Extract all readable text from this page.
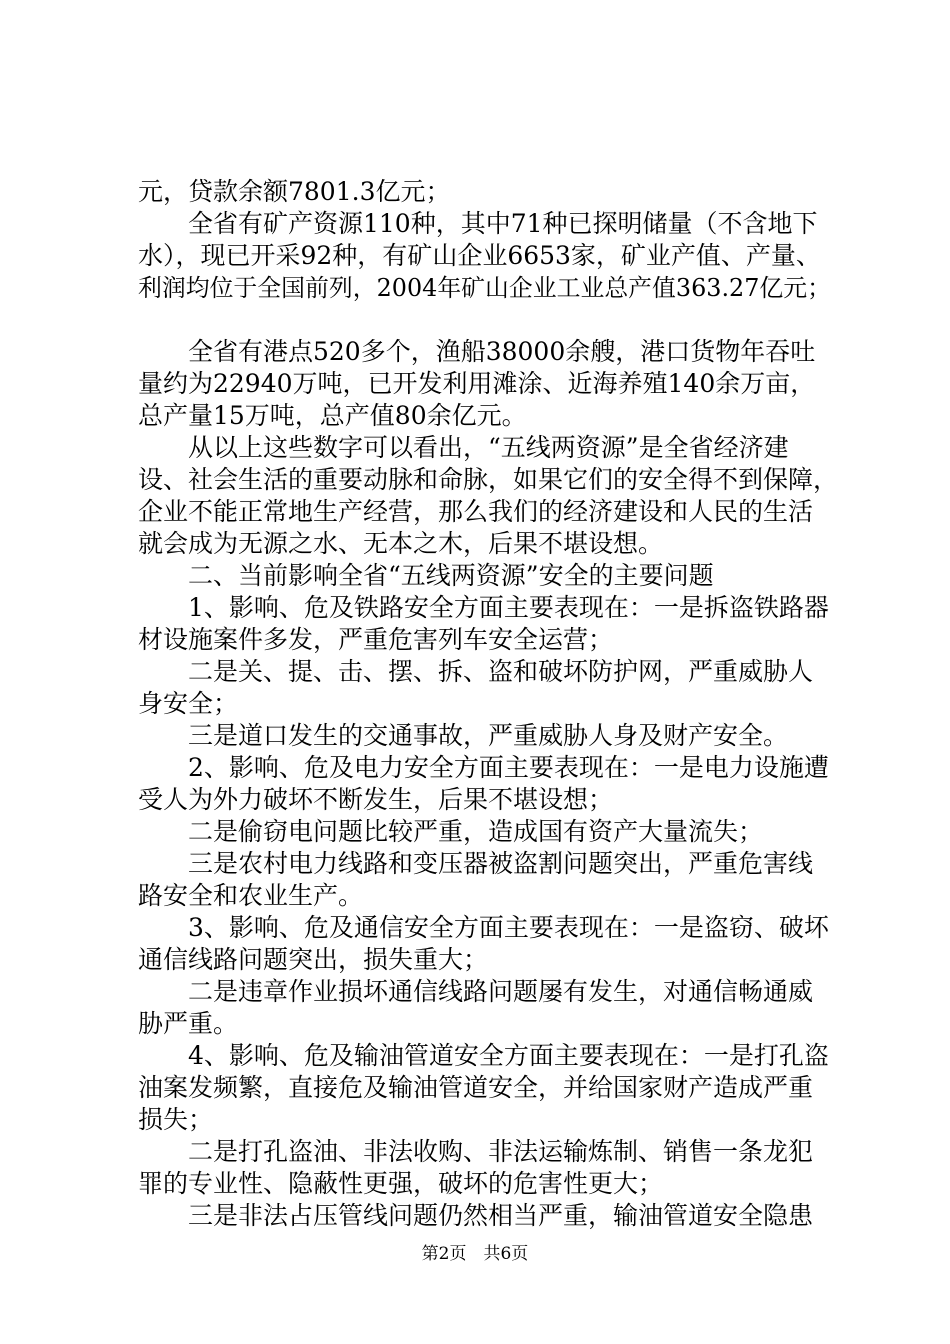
元，贷款余额7801.3亿元；
　　全省有矿产资源110种，其中71种已探明储量（不含地下
水），现已开采92种，有矿山企业6653家，矿业产值、产量、
利润均位于全国前列，2004年矿山企业工业总产值363.27亿元；
　　全省有港点520多个，渔船38000余艘，港口货物年吞吐
量约为22940万吨，已开发利用滩涂、近海养殖140余万亩，
总产量15万吨，总产值80余亿元。
　　从以上这些数字可以看出，“五线两资源”是全省经济建
设、社会生活的重要动脉和命脉，如果它们的安全得不到保障，
企业不能正常地生产经营，那么我们的经济建设和人民的生活
就会成为无源之水、无本之木，后果不堪设想。
　　二、当前影响全省“五线两资源”安全的主要问题
　　1、影响、危及铁路安全方面主要表现在：一是拆盗铁路器
材设施案件多发，严重危害列车安全运营；
　　二是关、提、击、摆、拆、盗和破坏防护网，严重威胁人
身安全；
　　三是道口发生的交通事故，严重威胁人身及财产安全。
　　2、影响、危及电力安全方面主要表现在：一是电力设施遭
受人为外力破坏不断发生，后果不堪设想；
　　二是偷窃电问题比较严重，造成国有资产大量流失；
　　三是农村电力线路和变压器被盗割问题突出，严重危害线
路安全和农业生产。
　　3、影响、危及通信安全方面主要表现在：一是盗窃、破坏
通信线路问题突出，损失重大；
　　二是违章作业损坏通信线路问题屡有发生，对通信畅通威
胁严重。
　　4、影响、危及输油管道安全方面主要表现在：一是打孔盗
油案发频繁，直接危及输油管道安全，并给国家财产造成严重
损失；
　　二是打孔盗油、非法收购、非法运输炼制、销售一条龙犯
罪的专业性、隐蔽性更强，破坏的危害性更大；
　　三是非法占压管线问题仍然相当严重，输油管道安全隐患
第2页　共6页
